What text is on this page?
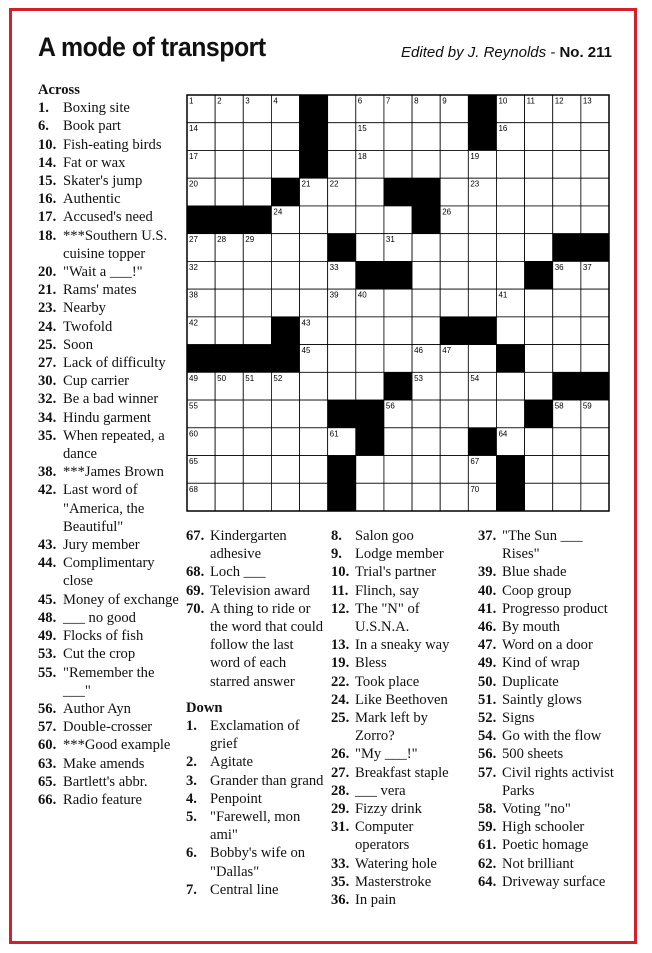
A mode of transport	Edited by J. Reynolds - No. 211
Across
1. Boxing site
6. Book part
10. Fish-eating birds
14. Fat or wax
15. Skater's jump
16. Authentic
17. Accused's need
18. ***Southern U.S. cuisine topper
20. "Wait a ___!"
21. Rams' mates
23. Nearby
24. Twofold
25. Soon
27. Lack of difficulty
30. Cup carrier
32. Be a bad winner
34. Hindu garment
35. When repeated, a dance
38. ***James Brown
42. Last word of "America, the Beautiful"
43. Jury member
44. Complimentary close
45. Money of exchange
48. ___ no good
49. Flocks of fish
53. Cut the crop
55. "Remember the ___"
56. Author Ayn
57. Double-crosser
60. ***Good example
63. Make amends
65. Bartlett's abbr.
66. Radio feature
67. Kindergarten adhesive
68. Loch ___
69. Television award
70. A thing to ride or the word that could follow the last word of each starred answer
Down
1. Exclamation of grief
2. Agitate
3. Grander than grand
4. Penpoint
5. "Farewell, mon ami"
6. Bobby's wife on "Dallas"
7. Central line
8. Salon goo
9. Lodge member
10. Trial's partner
11. Flinch, say
12. The "N" of U.S.N.A.
13. In a sneaky way
19. Bless
22. Took place
24. Like Beethoven
25. Mark left by Zorro?
26. "My ___!"
27. Breakfast staple
28. ___ vera
29. Fizzy drink
31. Computer operators
33. Watering hole
35. Masterstroke
36. In pain
37. "The Sun ___ Rises"
39. Blue shade
40. Coop group
41. Progresso product
46. By mouth
47. Word on a door
49. Kind of wrap
50. Duplicate
51. Saintly glows
52. Signs
54. Go with the flow
56. 500 sheets
57. Civil rights activist Parks
58. Voting "no"
59. High schooler
61. Poetic homage
62. Not brilliant
64. Driveway surface
1	2	3	4	6	7	8	9	10 11 12 13
14	15	16
17	18	19
20	21 22	23
24	26
27 28 29	31
32	33	36 37
38	39 40	41
42	43
45	46 47
49 50 51 52	53	54
55	56	58 59
60	61	64
65	67
68	70
